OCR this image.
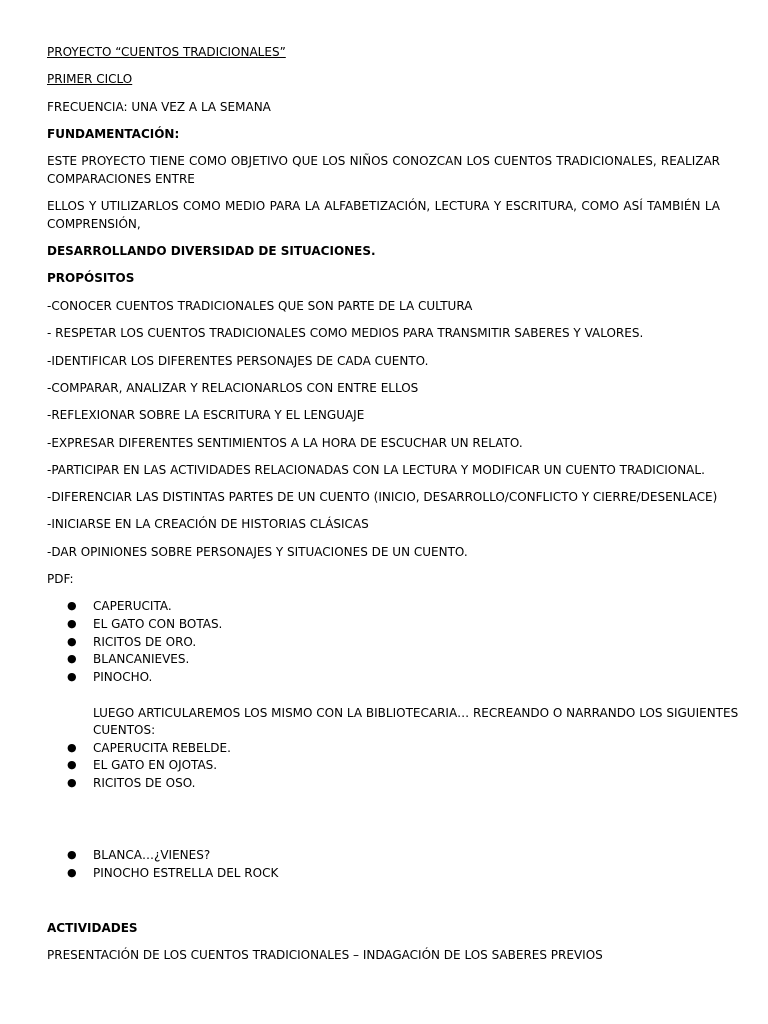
PROYECTO “CUENTOS TRADICIONALES”

PRIMER CICLO

FRECUENCIA: UNA VEZ A LA SEMANA

FUNDAMENTACIÓN:

ESTE PROYECTO TIENE COMO OBJETIVO QUE LOS NIÑOS CONOZCAN LOS CUENTOS TRADICIONALES, REALIZAR

COMPARACIONES ENTRE

ELLOS Y UTILIZARLOS COMO MEDIO PARA LA ALFABETIZACIÓN, LECTURA Y ESCRITURA, COMO ASÍ TAMBIÉN LA

COMPRENSIÓN,

DESARROLLANDO DIVERSIDAD DE SITUACIONES.

PROPÓSITOS

-CONOCER CUENTOS TRADICIONALES QUE SON PARTE DE LA CULTURA

- RESPETAR LOS CUENTOS TRADICIONALES COMO MEDIOS PARA TRANSMITIR SABERES Y VALORES.

-IDENTIFICAR LOS DIFERENTES PERSONAJES DE CADA CUENTO.

-COMPARAR, ANALIZAR Y RELACIONARLOS CON ENTRE ELLOS

-REFLEXIONAR SOBRE LA ESCRITURA Y EL LENGUAJE

-EXPRESAR DIFERENTES SENTIMIENTOS A LA HORA DE ESCUCHAR UN RELATO.

-PARTICIPAR EN LAS ACTIVIDADES RELACIONADAS CON LA LECTURA Y MODIFICAR UN CUENTO TRADICIONAL.

-DIFERENCIAR LAS DISTINTAS PARTES DE UN CUENTO (INICIO, DESARROLLO/CONFLICTO Y CIERRE/DESENLACE)

-INICIARSE EN LA CREACIÓN DE HISTORIAS CLÁSICAS

-DAR OPINIONES SOBRE PERSONAJES Y SITUACIONES DE UN CUENTO.

PDF:

● CAPERUCITA.
● EL GATO CON BOTAS.
● RICITOS DE ORO.
● BLANCANIEVES.
● PINOCHO.

LUEGO ARTICULAREMOS LOS MISMO CON LA BIBLIOTECARIA… RECREANDO O NARRANDO LOS SIGUIENTES

CUENTOS:

● CAPERUCITA REBELDE.
● EL GATO EN OJOTAS.
● RICITOS DE OSO.
● BLANCA…¿VIENES?
● PINOCHO ESTRELLA DEL ROCK

ACTIVIDADES

PRESENTACIÓN DE LOS CUENTOS TRADICIONALES – INDAGACIÓN DE LOS SABERES PREVIOS
